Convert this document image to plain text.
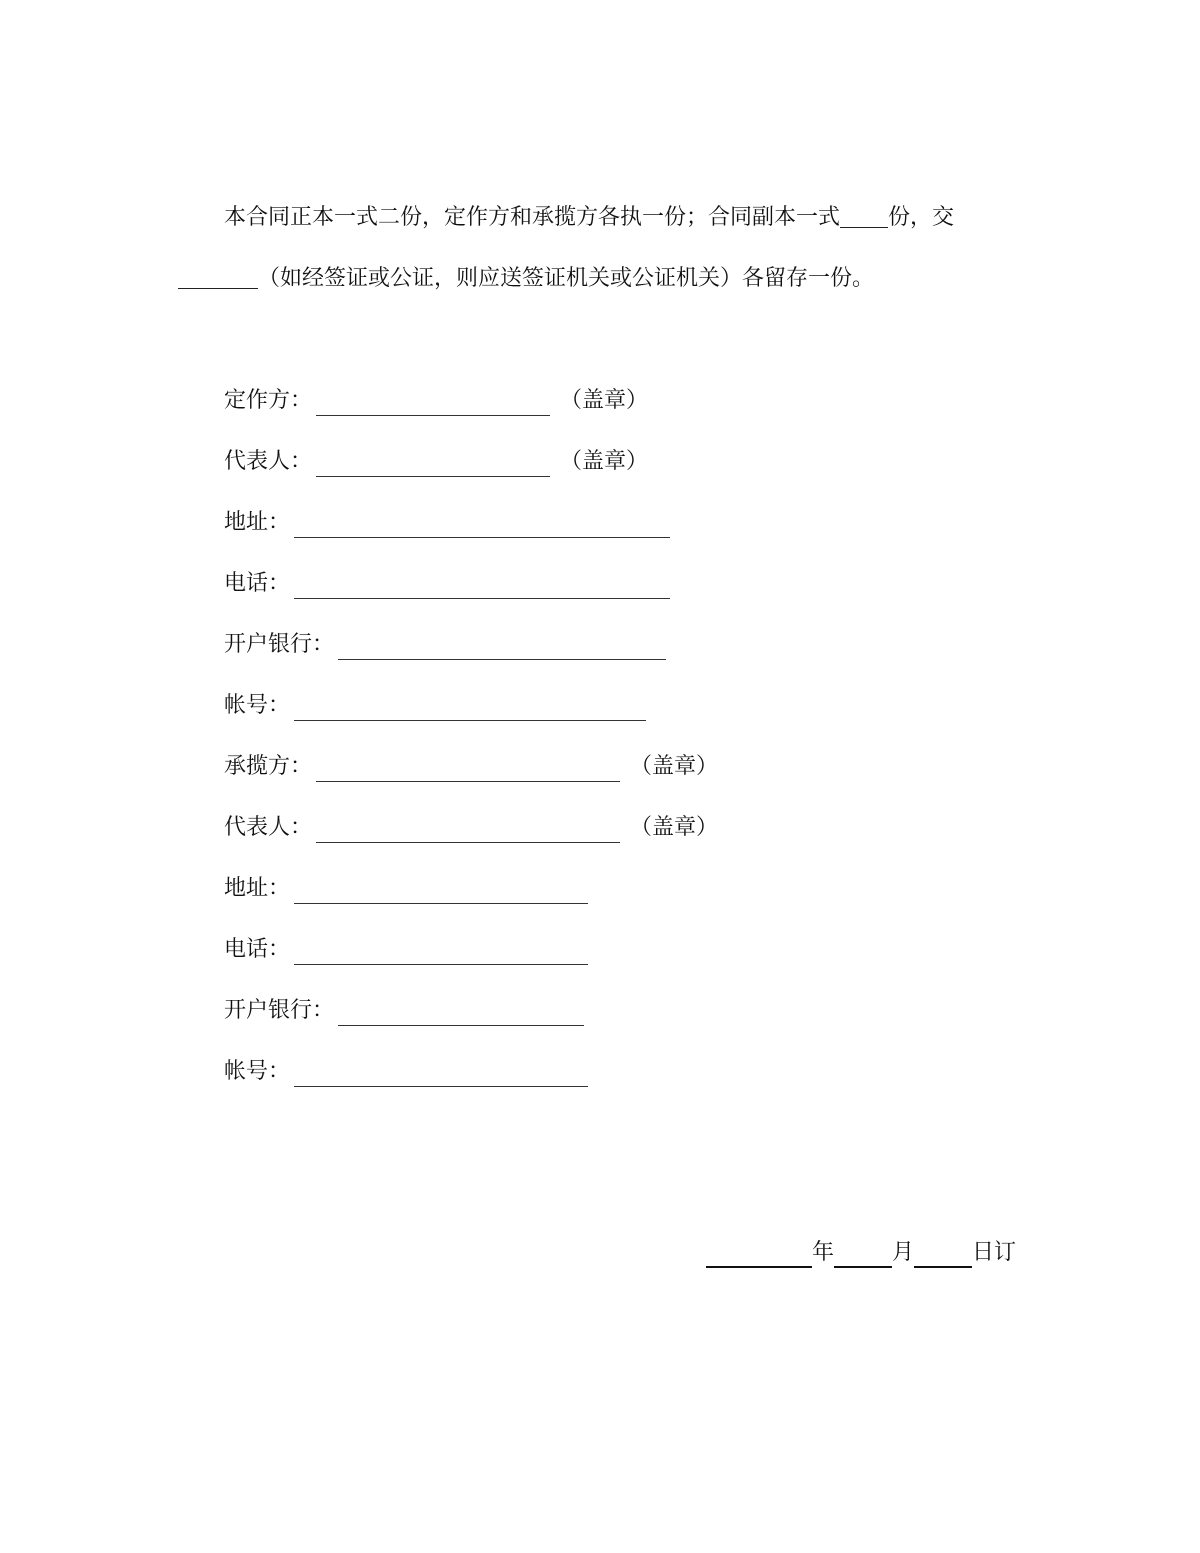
本合同正本一式二份，定作方和承揽方各执一份；合同副本一式 份，交
（如经签证或公证，则应送签证机关或公证机关）各留存一份。
定作方：	（盖章）
代表人：	（盖章）
地址：
电话：
开户银行：
帐号：
承揽方：	（盖章）
代表人：	（盖章）
地址：
电话：
开户银行：
帐号：
年	月	日订
